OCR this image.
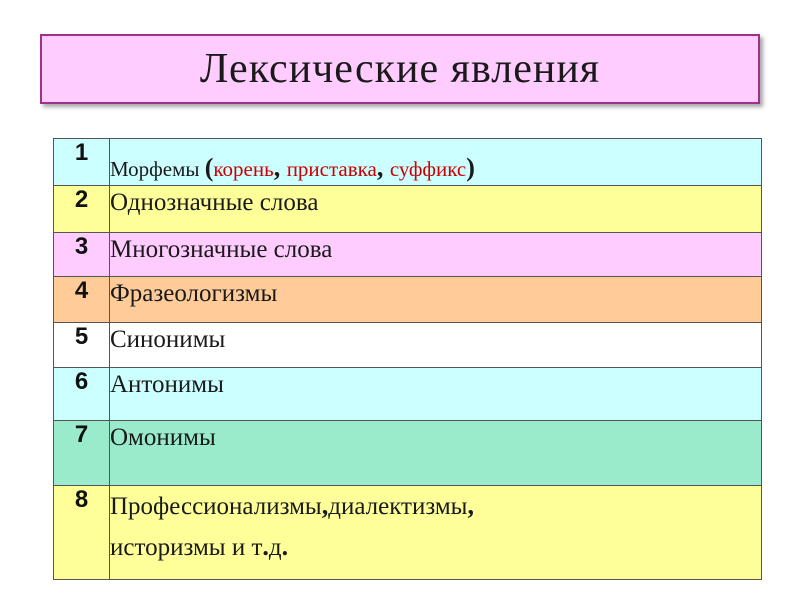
Лексические явления
1	Морфемы (корень, приставка, суффикс)
2	Однозначные слова
3	Многозначные слова
4	Фразеологизмы
5	Синонимы
6	Антонимы
7	Омонимы
8	Профессионализмы,диалектизмы,
историзмы и т.д.
